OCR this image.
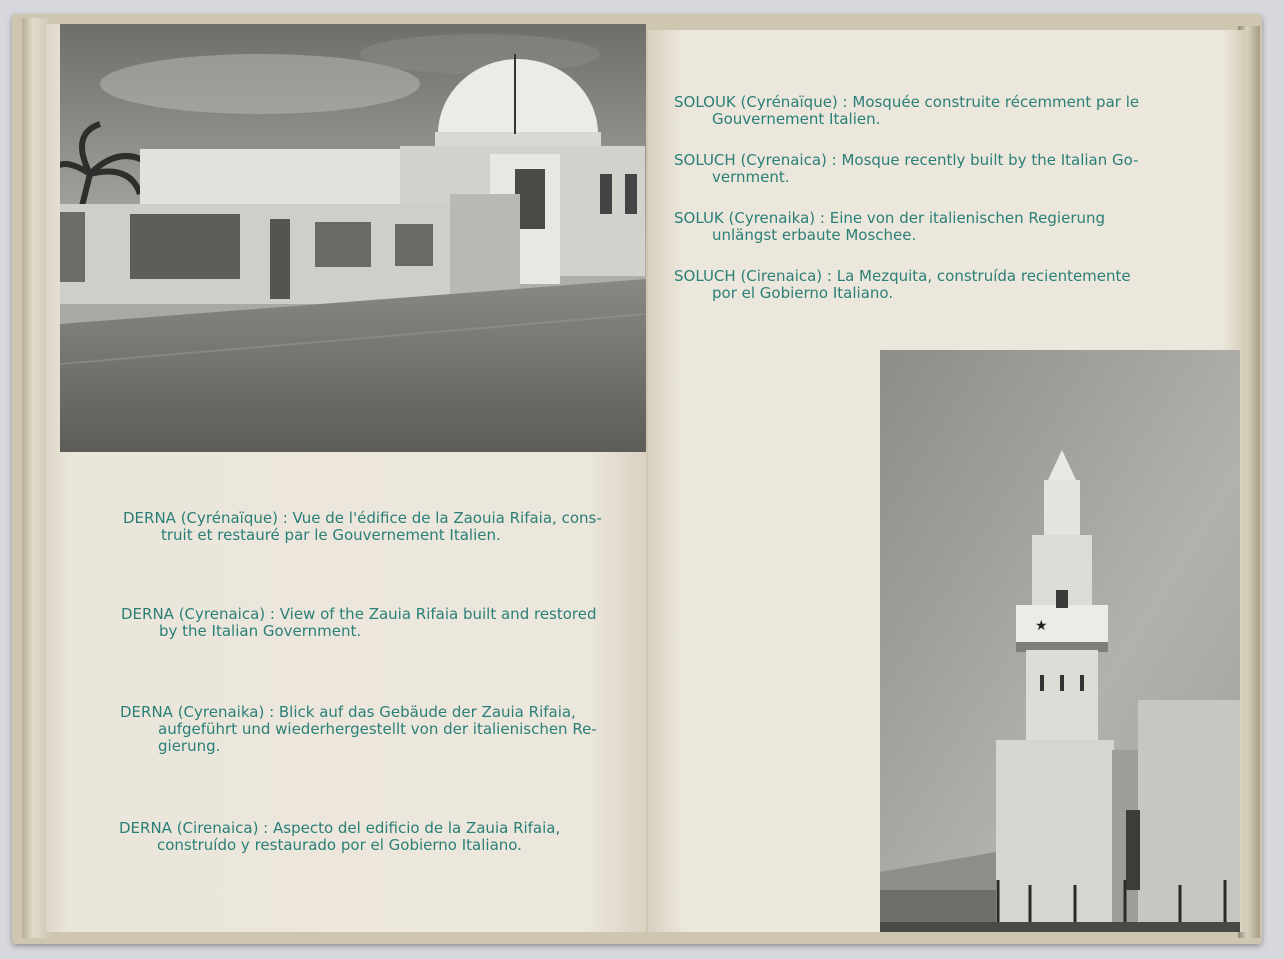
DERNA (Cyrénaïque) : Vue de l'édifice de la Zaouia Rifaia, cons-
truit et restauré par le Gouvernement Italien.

DERNA (Cyrenaica) : View of the Zauia Rifaia built and restored
by the Italian Government.

DERNA (Cyrenaika) : Blick auf das Gebäude der Zauia Rifaia,
aufgeführt und wiederhergestellt von der italienischen Re-
gierung.

DERNA (Cirenaica) : Aspecto del edificio de la Zauia Rifaia,
construído y restaurado por el Gobierno Italiano.

SOLOUK (Cyrénaïque) : Mosquée construite récemment par le
Gouvernement Italien.

SOLUCH (Cyrenaica) : Mosque recently built by the Italian Go-
vernment.

SOLUK (Cyrenaika) : Eine von der italienischen Regierung
unlängst erbaute Moschee.

SOLUCH (Cirenaica) : La Mezquita, construída recientemente
por el Gobierno Italiano.

★
